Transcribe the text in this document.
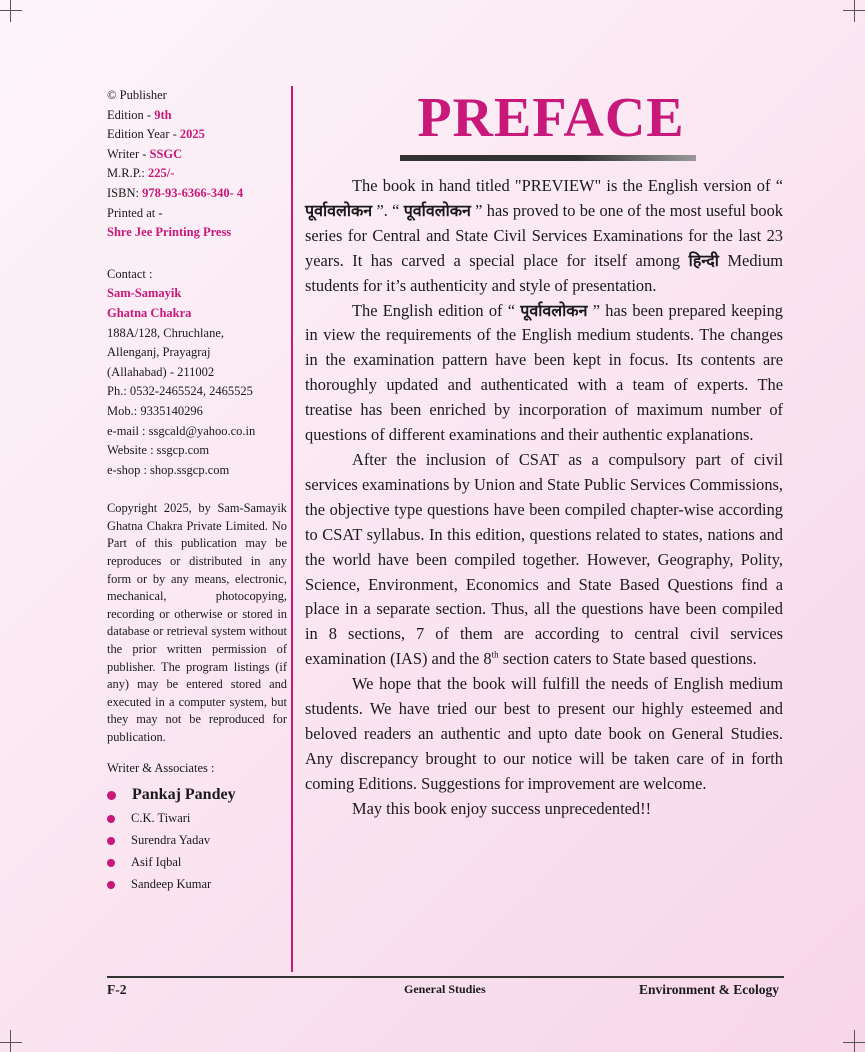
© Publisher
Edition - 9th
Edition Year - 2025
Writer - SSGC
M.R.P.: 225/-
ISBN: 978-93-6366-340- 4
Printed at -
Shre Jee Printing Press
Contact :
Sam-Samayik
Ghatna Chakra
188A/128, Chruchlane,
Allenganj, Prayagraj
(Allahabad) - 211002
Ph.: 0532-2465524, 2465525
Mob.: 9335140296
e-mail : ssgcald@yahoo.co.in
Website : ssgcp.com
e-shop : shop.ssgcp.com
Copyright 2025, by Sam-Samayik Ghatna Chakra Private Limited. No Part of this publication may be reproduces or distributed in any form or by any means, electronic, mechanical, photocopying, recording or otherwise or stored in database or retrieval system without the prior written permission of publisher. The program listings (if any) may be entered stored and executed in a computer system, but they may not be reproduced for publication.
Writer & Associates :
Pankaj Pandey
C.K. Tiwari
Surendra Yadav
Asif Iqbal
Sandeep Kumar
PREFACE

The book in hand titled "PREVIEW" is the English version of “ पूर्वावलोकन ”. “ पूर्वावलोकन ” has proved to be one of the most useful book series for Central and State Civil Services Examinations for the last 23 years. It has carved a special place for itself among हिन्दी Medium students for it’s authenticity and style of presentation.

The English edition of “ पूर्वावलोकन ” has been prepared keeping in view the requirements of the English medium students. The changes in the examination pattern have been kept in focus. Its contents are thoroughly updated and authenticated with a team of experts. The treatise has been enriched by incorporation of maximum number of questions of different examinations and their authentic explanations.

After the inclusion of CSAT as a compulsory part of civil services examinations by Union and State Public Services Commissions, the objective type questions have been compiled chapter-wise according to CSAT syllabus. In this edition, questions related to states, nations and the world have been compiled together. However, Geography, Polity, Science, Environment, Economics and State Based Questions find a place in a separate section. Thus, all the questions have been compiled in 8 sections, 7 of them are according to central civil services examination (IAS) and the 8th section caters to State based questions.

We hope that the book will fulfill the needs of English medium students. We have tried our best to present our highly esteemed and beloved readers an authentic and upto date book on General Studies. Any discrepancy brought to our notice will be taken care of in forth coming Editions. Suggestions for improvement are welcome.

May this book enjoy success unprecedented!!

F-2	General Studies	Environment & Ecology
